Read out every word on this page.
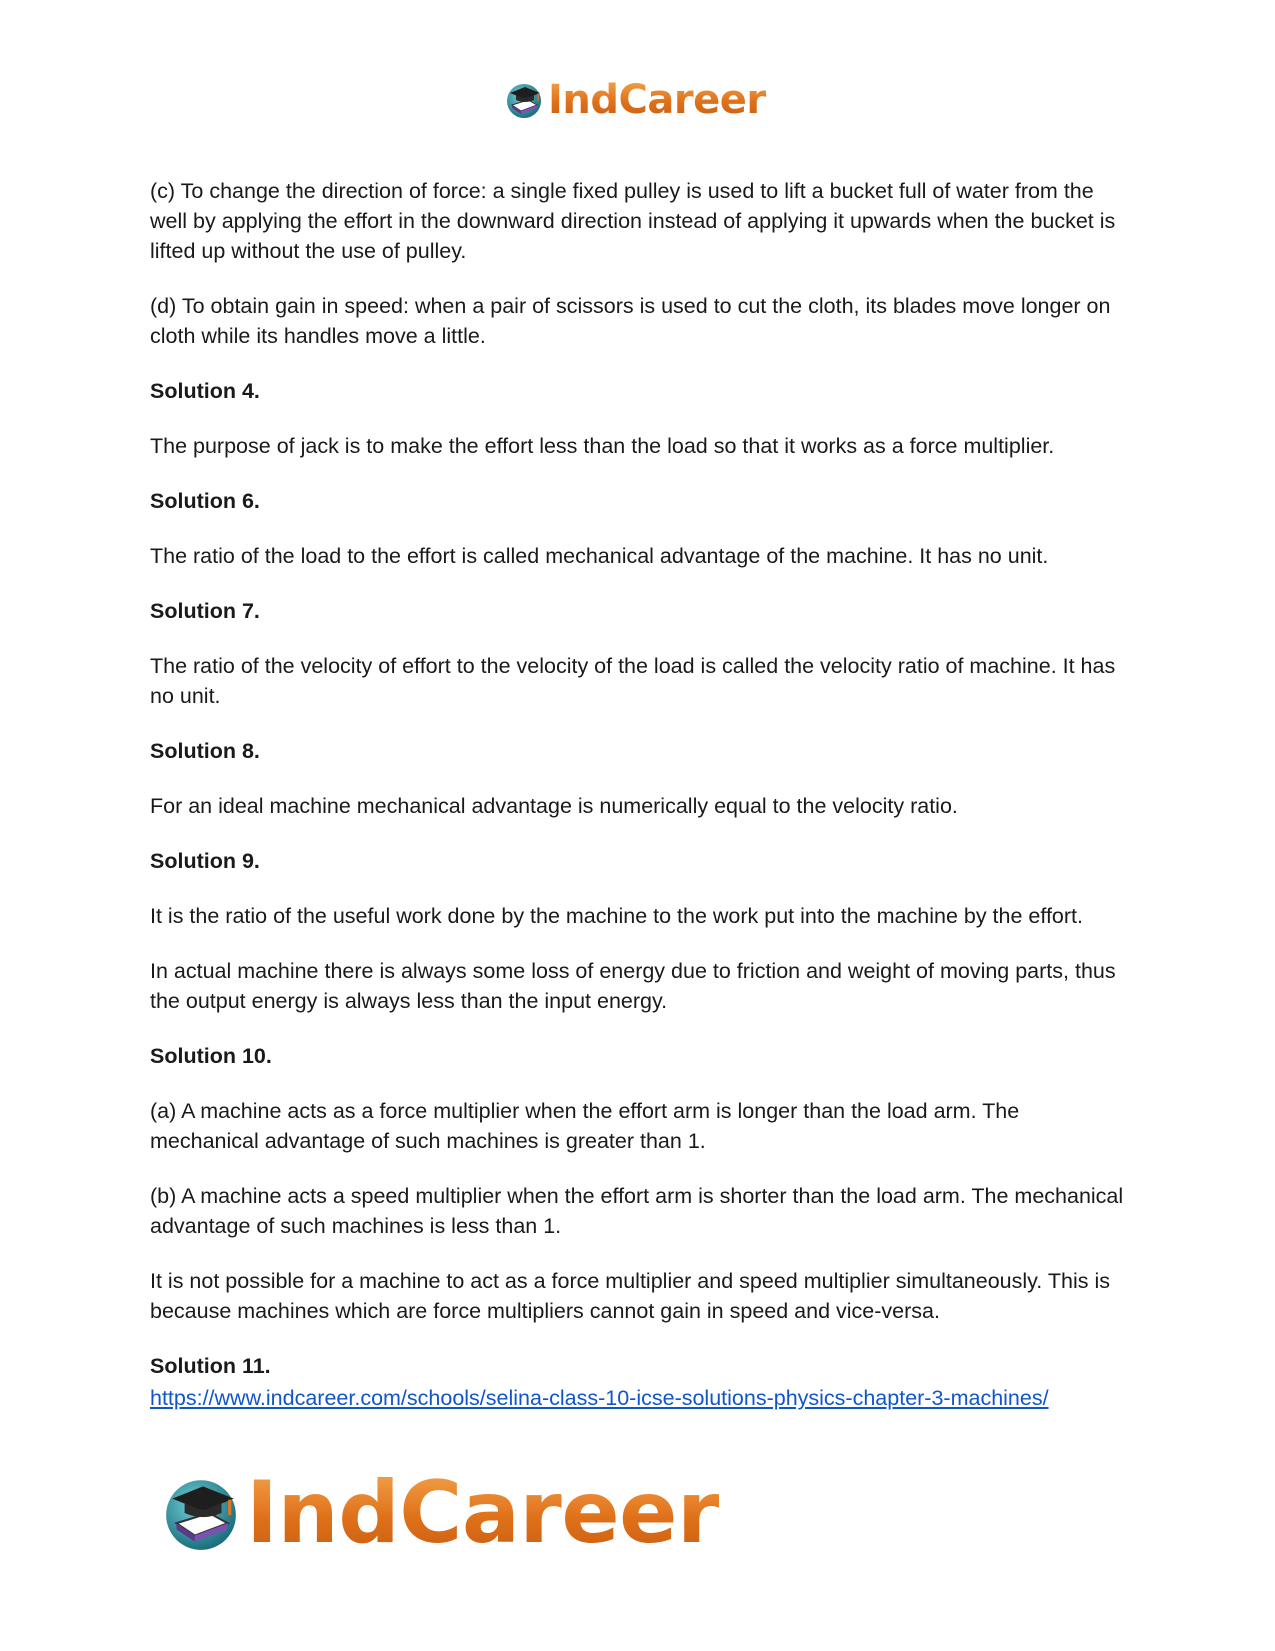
IndCareer

(c) To change the direction of force: a single fixed pulley is used to lift a bucket full of water from the well by applying the effort in the downward direction instead of applying it upwards when the bucket is lifted up without the use of pulley.

(d) To obtain gain in speed: when a pair of scissors is used to cut the cloth, its blades move longer on cloth while its handles move a little.

Solution 4.

The purpose of jack is to make the effort less than the load so that it works as a force multiplier.

Solution 6.

The ratio of the load to the effort is called mechanical advantage of the machine. It has no unit.

Solution 7.

The ratio of the velocity of effort to the velocity of the load is called the velocity ratio of machine. It has no unit.

Solution 8.

For an ideal machine mechanical advantage is numerically equal to the velocity ratio.

Solution 9.

It is the ratio of the useful work done by the machine to the work put into the machine by the effort.

In actual machine there is always some loss of energy due to friction and weight of moving parts, thus the output energy is always less than the input energy.

Solution 10.

(a) A machine acts as a force multiplier when the effort arm is longer than the load arm. The mechanical advantage of such machines is greater than 1.

(b) A machine acts a speed multiplier when the effort arm is shorter than the load arm. The mechanical advantage of such machines is less than 1.

It is not possible for a machine to act as a force multiplier and speed multiplier simultaneously. This is because machines which are force multipliers cannot gain in speed and vice-versa.

Solution 11.

https://www.indcareer.com/schools/selina-class-10-icse-solutions-physics-chapter-3-machines/

IndCareer
